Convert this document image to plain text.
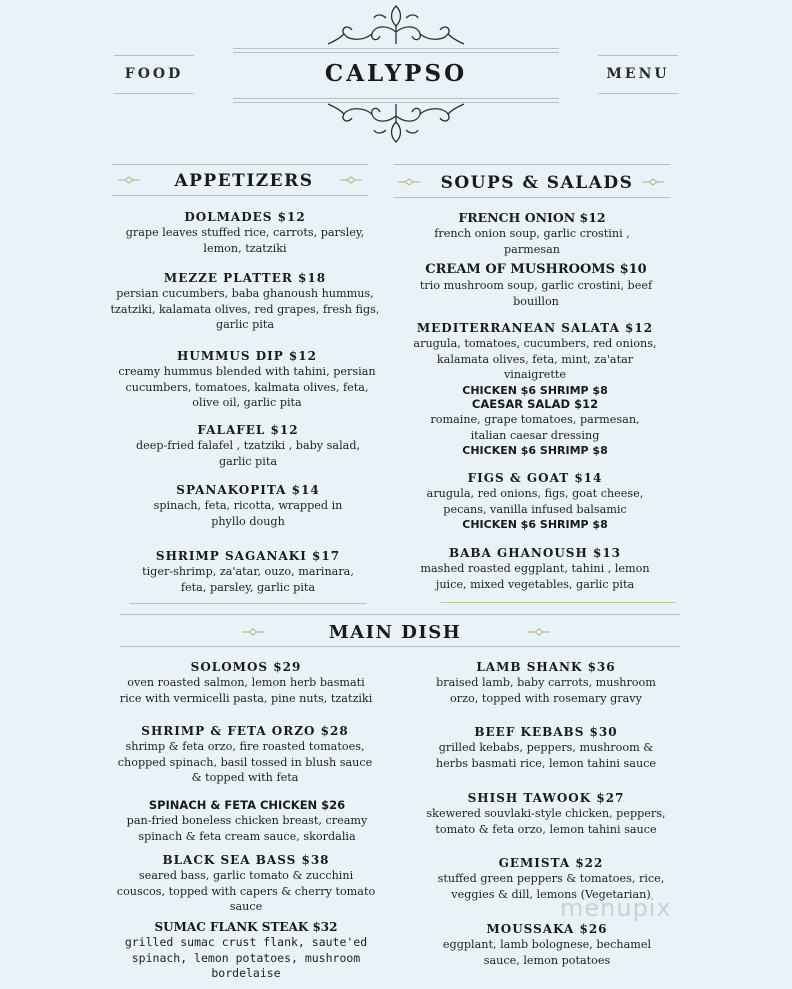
FOOD	MENU
CALYPSO
APPETIZERS	SOUPS & SALADS
DOLMADES $12
grape leaves stuffed rice, carrots, parsley, lemon, tzatziki
MEZZE PLATTER $18
persian cucumbers, baba ghanoush hummus, tzatziki, kalamata olives, red grapes, fresh figs, garlic pita
HUMMUS DIP $12
creamy hummus blended with tahini, persian cucumbers, tomatoes, kalmata olives, feta, olive oil, garlic pita
FALAFEL $12
deep-fried falafel , tzatziki , baby salad, garlic pita
SPANAKOPITA $14
spinach, feta, ricotta, wrapped in phyllo dough
SHRIMP SAGANAKI $17
tiger-shrimp, za'atar, ouzo, marinara, feta, parsley, garlic pita
FRENCH ONION $12
french onion soup, garlic crostini , parmesan
CREAM OF MUSHROOMS $10
trio mushroom soup, garlic crostini, beef bouillon
MEDITERRANEAN SALATA $12
arugula, tomatoes, cucumbers, red onions, kalamata olives, feta, mint, za'atar vinaigrette
CHICKEN $6 SHRIMP $8
CAESAR SALAD $12
romaine, grape tomatoes, parmesan, italian caesar dressing
CHICKEN $6 SHRIMP $8
FIGS & GOAT $14
arugula, red onions, figs, goat cheese, pecans, vanilla infused balsamic
CHICKEN $6 SHRIMP $8
BABA GHANOUSH $13
mashed roasted eggplant, tahini , lemon juice, mixed vegetables, garlic pita
MAIN DISH
SOLOMOS $29
oven roasted salmon, lemon herb basmati rice with vermicelli pasta, pine nuts, tzatziki
SHRIMP & FETA ORZO $28
shrimp & feta orzo, fire roasted tomatoes, chopped spinach, basil tossed in blush sauce & topped with feta
SPINACH & FETA CHICKEN $26
pan-fried boneless chicken breast, creamy spinach & feta cream sauce, skordalia
BLACK SEA BASS $38
seared bass, garlic tomato & zucchini couscos, topped with capers & cherry tomato sauce
SUMAC FLANK STEAK $32
grilled sumac crust flank, saute'ed spinach, lemon potatoes, mushroom bordelaise
LAMB SHANK $36
braised lamb, baby carrots, mushroom orzo, topped with rosemary gravy
BEEF KEBABS $30
grilled kebabs, peppers, mushroom & herbs basmati rice, lemon tahini sauce
SHISH TAWOOK $27
skewered souvlaki-style chicken, peppers, tomato & feta orzo, lemon tahini sauce
GEMISTA $22
stuffed green peppers & tomatoes, rice, veggies & dill, lemons (Vegetarian)
MOUSSAKA $26
eggplant, lamb bolognese, bechamel sauce, lemon potatoes
menupix
